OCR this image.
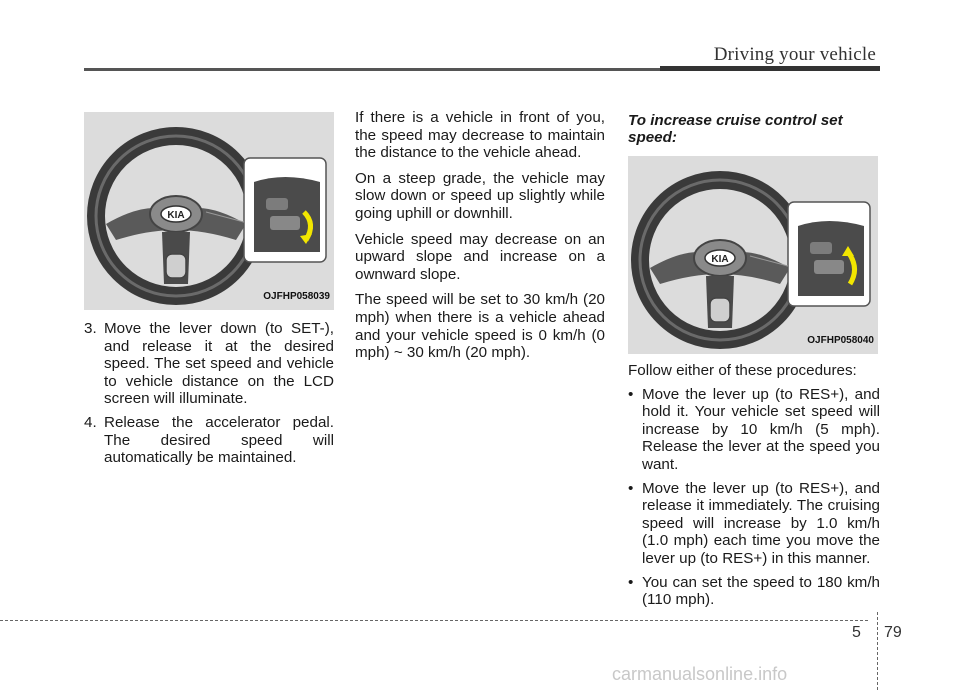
Driving your vehicle
KIA
OJFHP058039
3. Move the lever down (to SET-), and release it at the desired speed. The set speed and vehicle to vehicle distance on the LCD screen will illuminate.
4. Release the accelerator pedal. The desired speed will automatically be maintained.

If there is a vehicle in front of you, the speed may decrease to maintain the distance to the vehicle ahead.

On a steep grade, the vehicle may slow down or speed up slightly while going uphill or downhill.

Vehicle speed may decrease on an upward slope and increase on a ownward slope.

The speed will be set to 30 km/h (20 mph) when there is a vehicle ahead and your vehicle speed is 0 km/h (0 mph) ~ 30 km/h (20 mph).

To increase cruise control set speed:
KIA
OJFHP058040

Follow either of these procedures:

• Move the lever up (to RES+), and hold it. Your vehicle set speed will increase by 10 km/h (5 mph). Release the lever at the speed you want.
• Move the lever up (to RES+), and release it immediately. The cruising speed will increase by 1.0 km/h (1.0 mph) each time you move the lever up (to RES+) in this manner.
• You can set the speed to 180 km/h (110 mph).
5 79
carmanualsonline.info
